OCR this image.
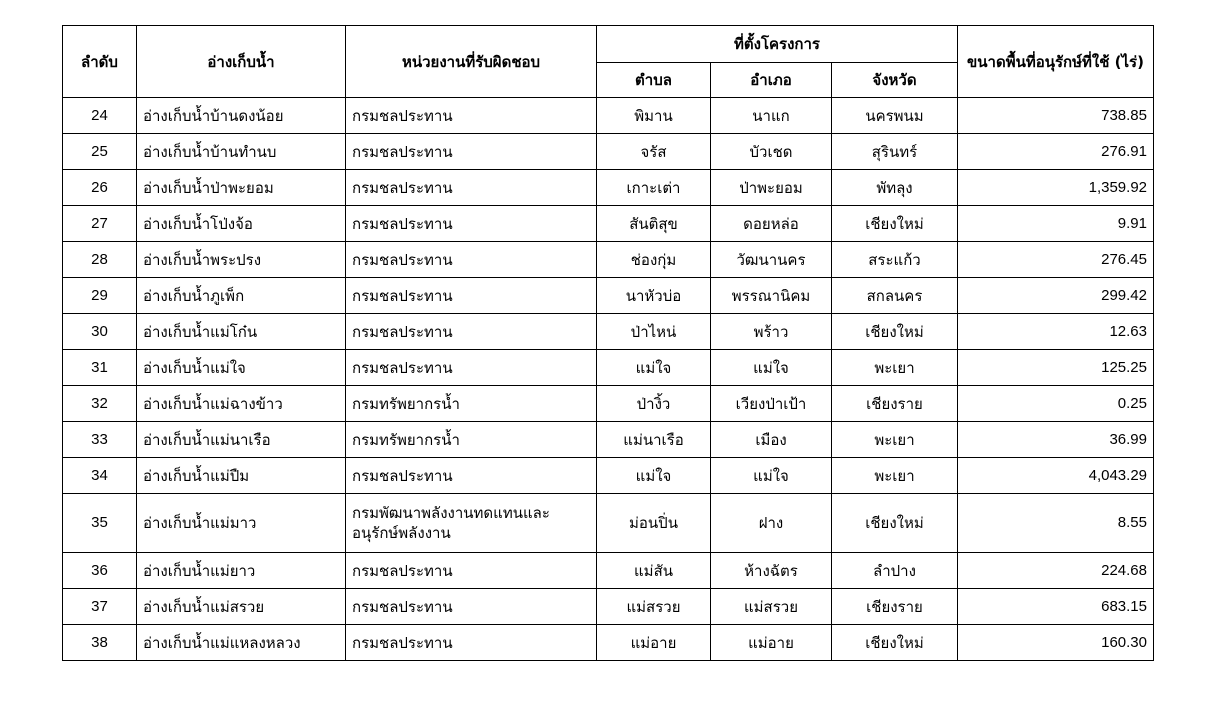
ลำดับ	อ่างเก็บน้ำ	หน่วยงานที่รับผิดชอบ	ที่ตั้งโครงการ			ขนาดพื้นที่อนุรักษ์ที่ใช้ (ไร่)
			ตำบล	อำเภอ	จังหวัด	
24	อ่างเก็บน้ำบ้านดงน้อย	กรมชลประทาน	พิมาน	นาแก	นครพนม	738.85
25	อ่างเก็บน้ำบ้านทำนบ	กรมชลประทาน	จรัส	บัวเชด	สุรินทร์	276.91
26	อ่างเก็บน้ำป่าพะยอม	กรมชลประทาน	เกาะเต่า	ป่าพะยอม	พัทลุง	1,359.92
27	อ่างเก็บน้ำโป่งจ้อ	กรมชลประทาน	สันติสุข	ดอยหล่อ	เชียงใหม่	9.91
28	อ่างเก็บน้ำพระปรง	กรมชลประทาน	ช่องกุ่ม	วัฒนานคร	สระแก้ว	276.45
29	อ่างเก็บน้ำภูเพ็ก	กรมชลประทาน	นาหัวบ่อ	พรรณานิคม	สกลนคร	299.42
30	อ่างเก็บน้ำแม่โก๋น	กรมชลประทาน	ป่าไหน่	พร้าว	เชียงใหม่	12.63
31	อ่างเก็บน้ำแม่ใจ	กรมชลประทาน	แม่ใจ	แม่ใจ	พะเยา	125.25
32	อ่างเก็บน้ำแม่ฉางข้าว	กรมทรัพยากรน้ำ	ป่างิ้ว	เวียงป่าเป้า	เชียงราย	0.25
33	อ่างเก็บน้ำแม่นาเรือ	กรมทรัพยากรน้ำ	แม่นาเรือ	เมือง	พะเยา	36.99
34	อ่างเก็บน้ำแม่ปืม	กรมชลประทาน	แม่ใจ	แม่ใจ	พะเยา	4,043.29
35	อ่างเก็บน้ำแม่มาว	กรมพัฒนาพลังงานทดแทนและอนุรักษ์พลังงาน	ม่อนปิ่น	ฝาง	เชียงใหม่	8.55
36	อ่างเก็บน้ำแม่ยาว	กรมชลประทาน	แม่สัน	ห้างฉัตร	ลำปาง	224.68
37	อ่างเก็บน้ำแม่สรวย	กรมชลประทาน	แม่สรวย	แม่สรวย	เชียงราย	683.15
38	อ่างเก็บน้ำแม่แหลงหลวง	กรมชลประทาน	แม่อาย	แม่อาย	เชียงใหม่	160.30
